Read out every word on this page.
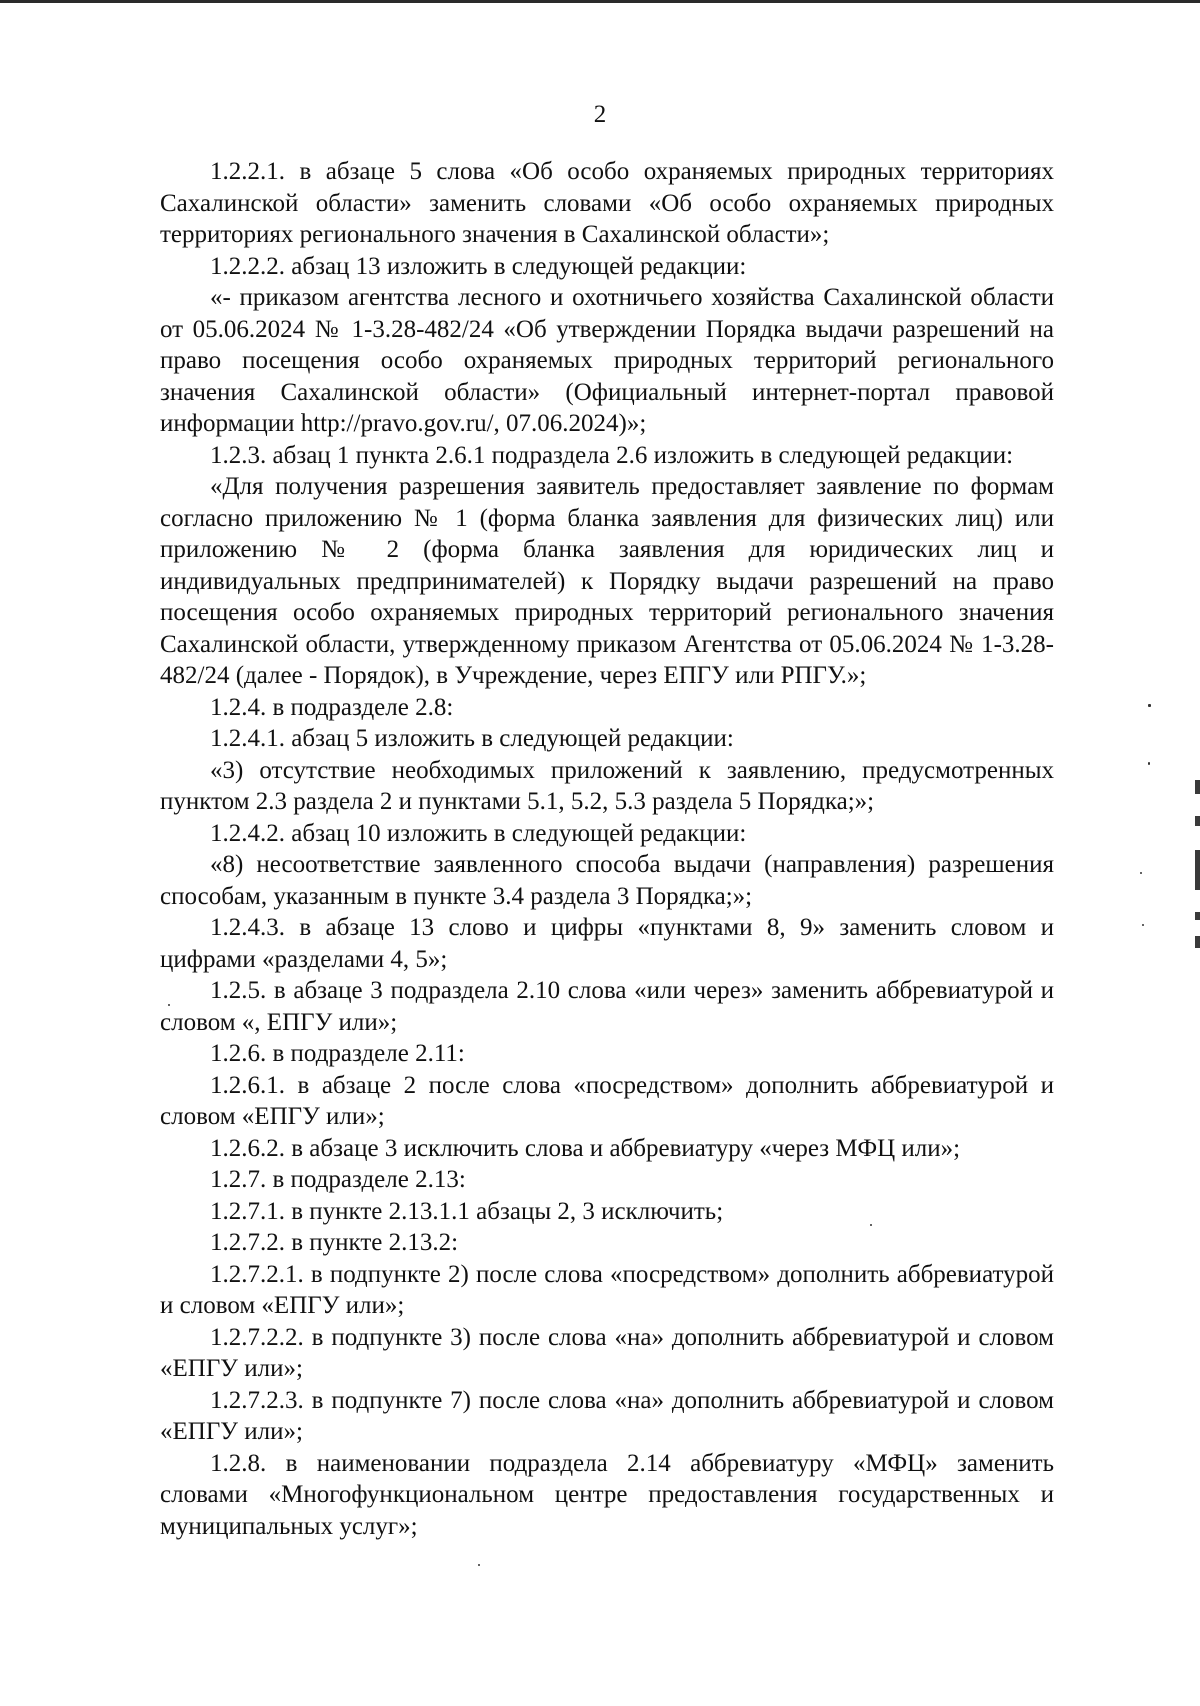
2

1.2.2.1. в абзаце 5 слова «Об особо охраняемых природных территориях Сахалинской области» заменить словами «Об особо охраняемых природных территориях регионального значения в Сахалинской области»;

1.2.2.2. абзац 13 изложить в следующей редакции:

«- приказом агентства лесного и охотничьего хозяйства Сахалинской области от 05.06.2024 № 1-3.28-482/24 «Об утверждении Порядка выдачи разрешений на право посещения особо охраняемых природных территорий регионального значения Сахалинской области» (Официальный интернет-портал правовой информации http://pravo.gov.ru/, 07.06.2024)»;

1.2.3. абзац 1 пункта 2.6.1 подраздела 2.6 изложить в следующей редакции:

«Для получения разрешения заявитель предоставляет заявление по формам согласно приложению № 1 (форма бланка заявления для физических лиц) или приложению № 2 (форма бланка заявления для юридических лиц и индивидуальных предпринимателей) к Порядку выдачи разрешений на право посещения особо охраняемых природных территорий регионального значения Сахалинской области, утвержденному приказом Агентства от 05.06.2024 № 1-3.28-482/24 (далее - Порядок), в Учреждение, через ЕПГУ или РПГУ.»;

1.2.4. в подразделе 2.8:

1.2.4.1. абзац 5 изложить в следующей редакции:

«3) отсутствие необходимых приложений к заявлению, предусмотренных пунктом 2.3 раздела 2 и пунктами 5.1, 5.2, 5.3 раздела 5 Порядка;»;

1.2.4.2. абзац 10 изложить в следующей редакции:

«8) несоответствие заявленного способа выдачи (направления) разрешения способам, указанным в пункте 3.4 раздела 3 Порядка;»;

1.2.4.3. в абзаце 13 слово и цифры «пунктами 8, 9» заменить словом и цифрами «разделами 4, 5»;

1.2.5. в абзаце 3 подраздела 2.10 слова «или через» заменить аббревиатурой и словом «, ЕПГУ или»;

1.2.6. в подразделе 2.11:

1.2.6.1. в абзаце 2 после слова «посредством» дополнить аббревиатурой и словом «ЕПГУ или»;

1.2.6.2. в абзаце 3 исключить слова и аббревиатуру «через МФЦ или»;

1.2.7. в подразделе 2.13:

1.2.7.1. в пункте 2.13.1.1 абзацы 2, 3 исключить;

1.2.7.2. в пункте 2.13.2:

1.2.7.2.1. в подпункте 2) после слова «посредством» дополнить аббревиатурой и словом «ЕПГУ или»;

1.2.7.2.2. в подпункте 3) после слова «на» дополнить аббревиатурой и словом «ЕПГУ или»;

1.2.7.2.3. в подпункте 7) после слова «на» дополнить аббревиатурой и словом «ЕПГУ или»;

1.2.8. в наименовании подраздела 2.14 аббревиатуру «МФЦ» заменить словами «Многофункциональном центре предоставления государственных и муниципальных услуг»;
